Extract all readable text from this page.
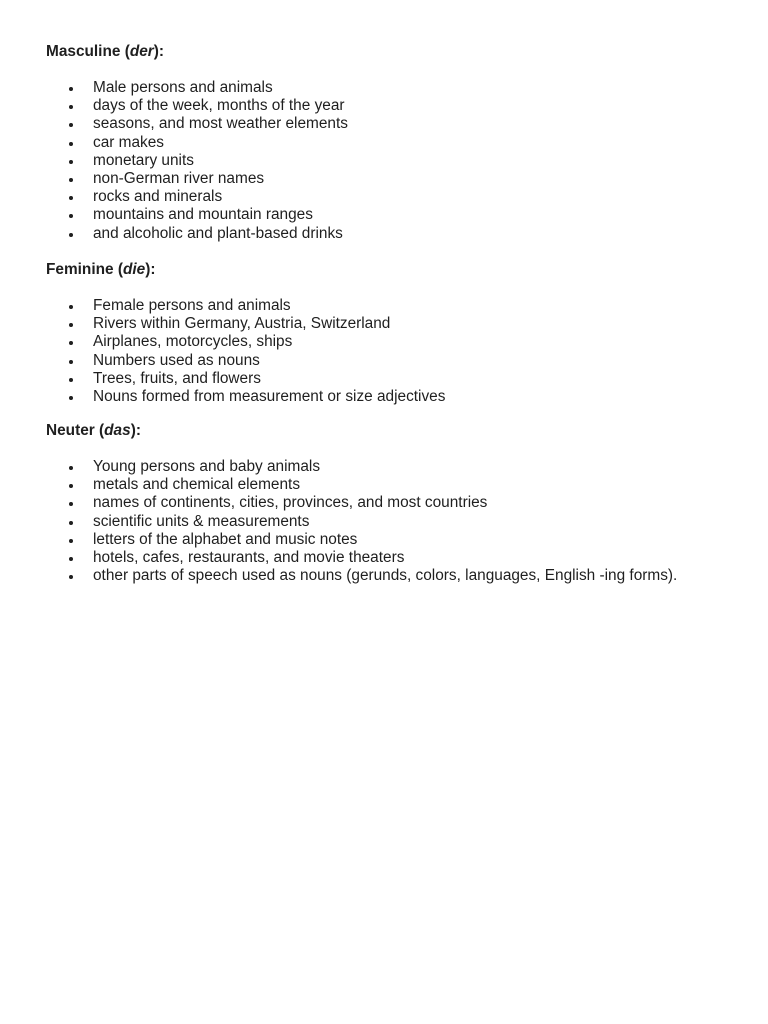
Masculine (der):
Male persons and animals
days of the week, months of the year
seasons, and most weather elements
car makes
monetary units
non-German river names
rocks and minerals
mountains and mountain ranges
and alcoholic and plant-based drinks
Feminine (die):
Female persons and animals
Rivers within Germany, Austria, Switzerland
Airplanes, motorcycles, ships
Numbers used as nouns
Trees, fruits, and flowers
Nouns formed from measurement or size adjectives
Neuter (das):
Young persons and baby animals
metals and chemical elements
names of continents, cities, provinces, and most countries
scientific units & measurements
letters of the alphabet and music notes
hotels, cafes, restaurants, and movie theaters
other parts of speech used as nouns (gerunds, colors, languages, English -ing forms).
